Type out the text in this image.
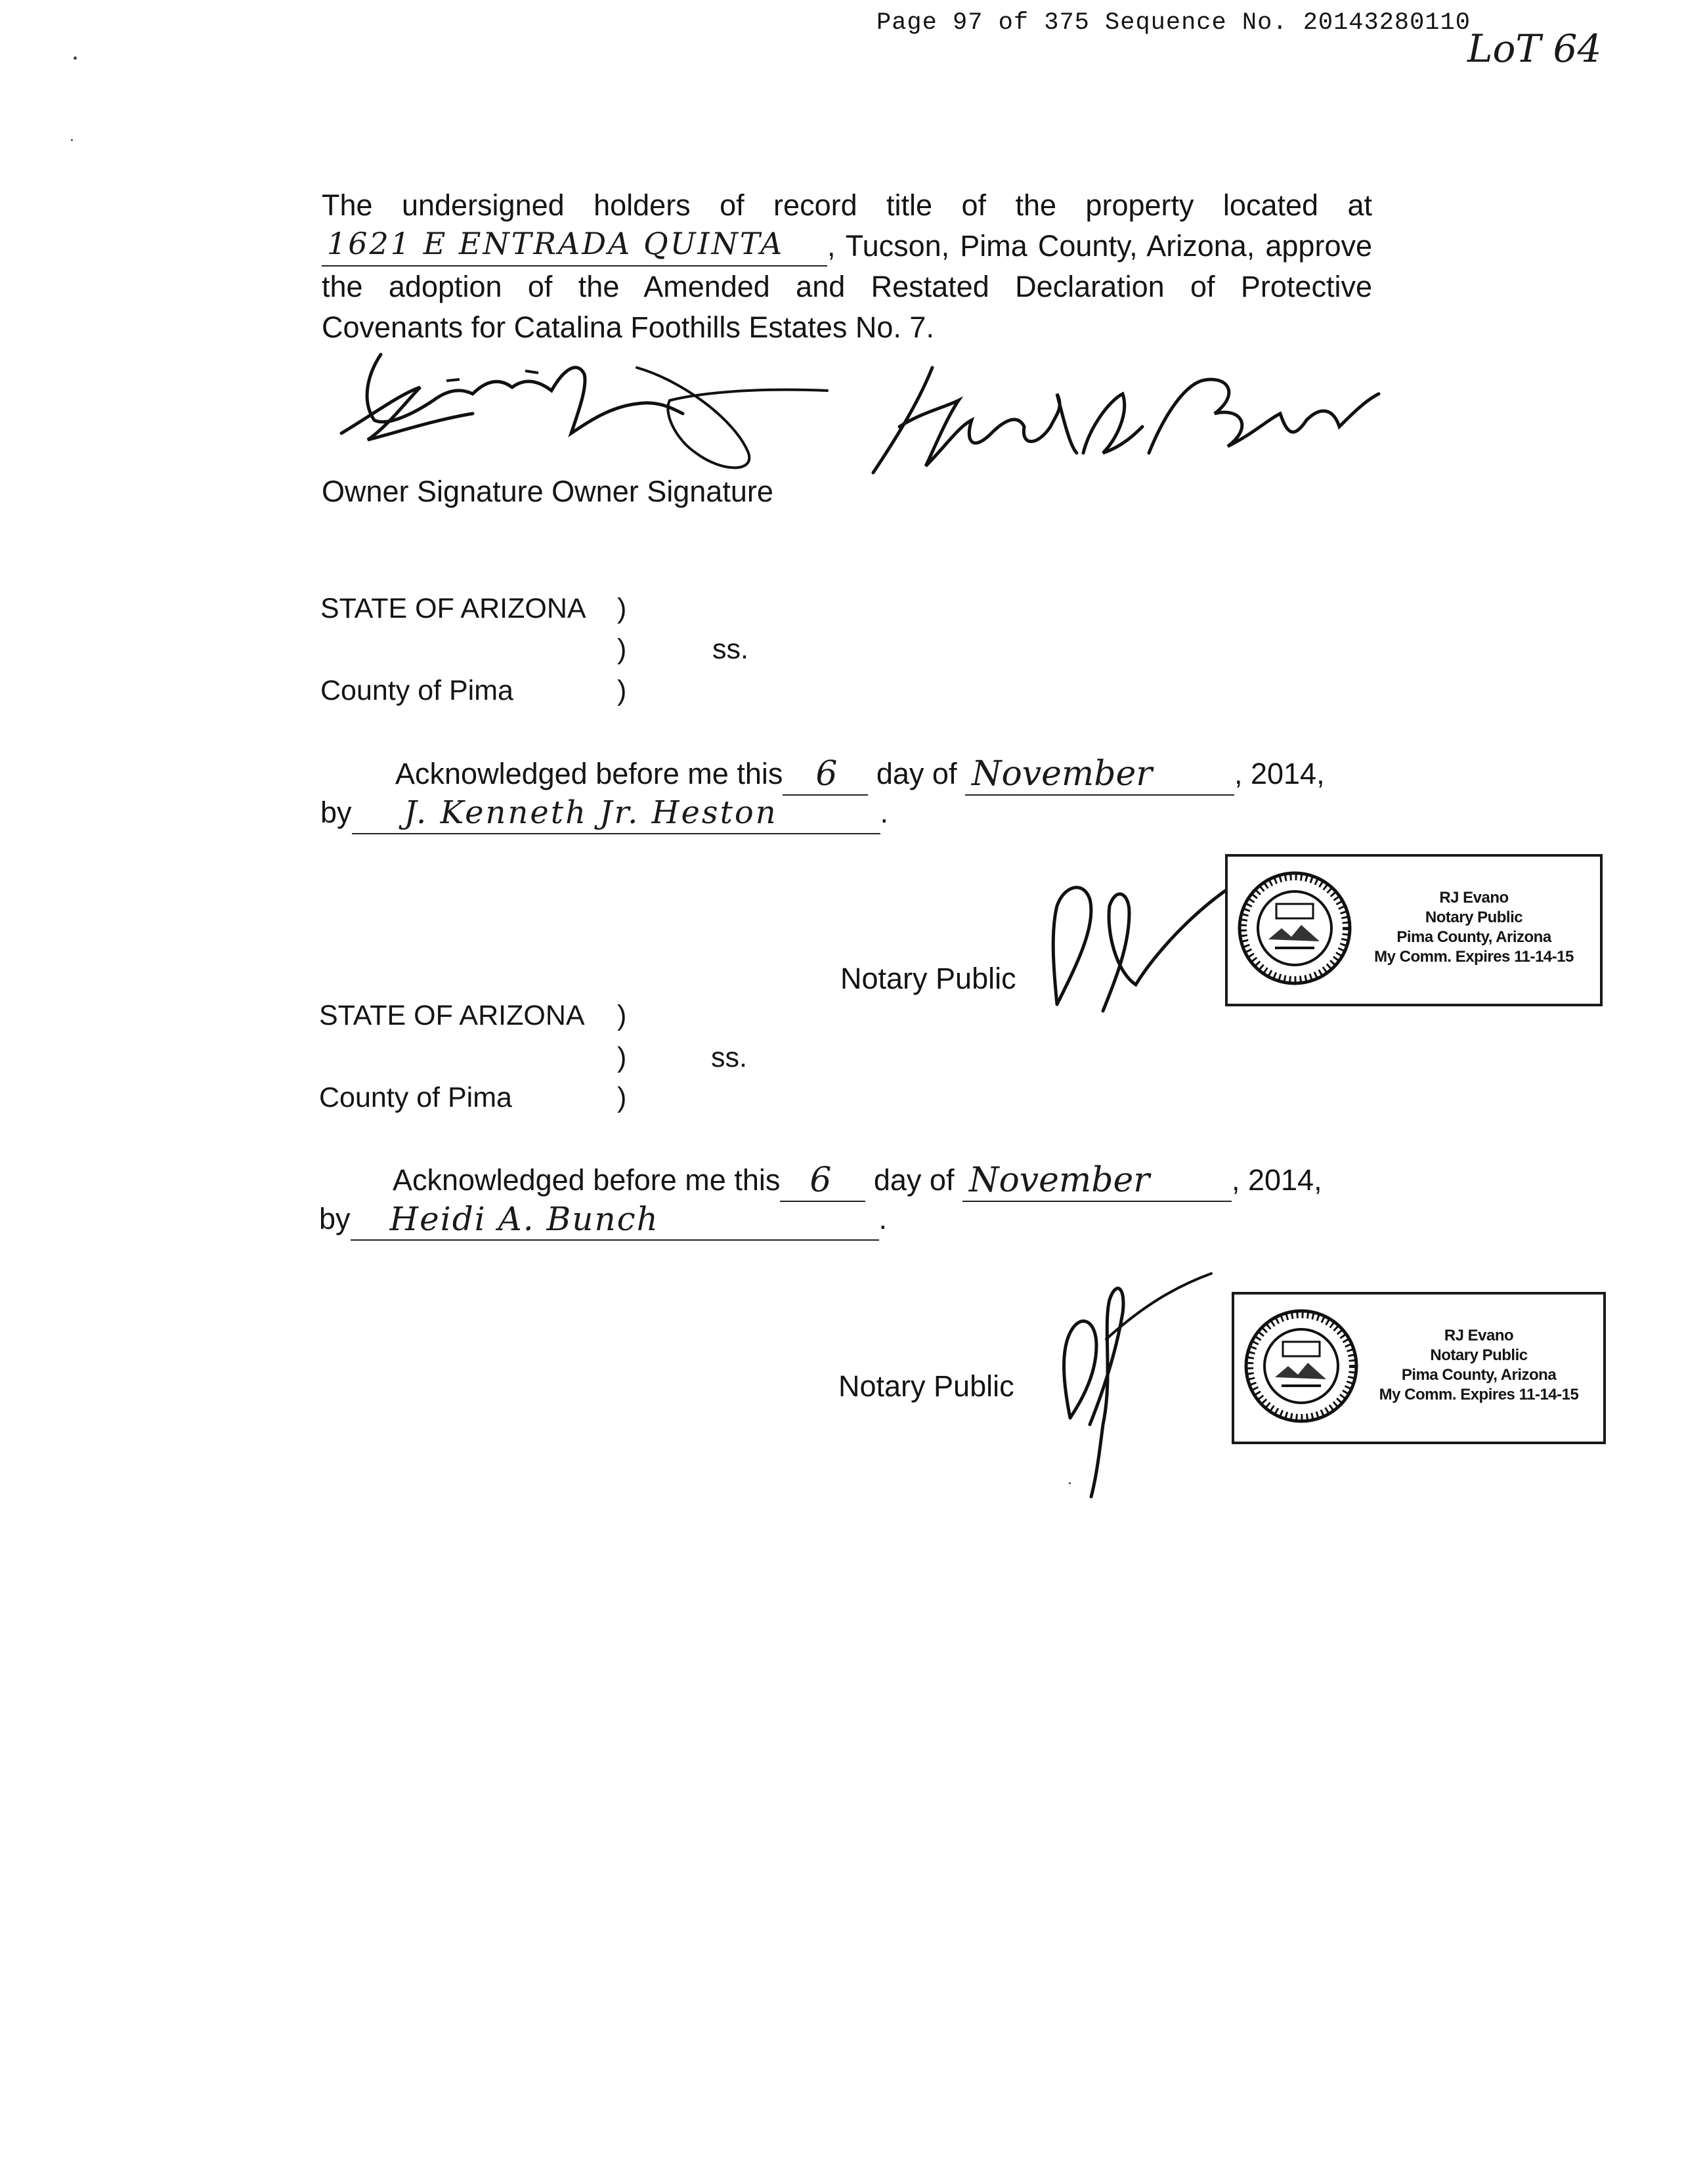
Page 97 of 375 Sequence No. 20143280110
LoT 64
The undersigned holders of record title of the property located at
1621 E ENTRADA QUINTA , Tucson, Pima County, Arizona, approve
the adoption of the Amended and Restated Declaration of Protective
Covenants for Catalina Foothills Estates No. 7.
Owner Signature Owner Signature
STATE OF ARIZONA )
)	ss.
County of Pima	)
Acknowledged before me this 6 day of November	, 2014,
by J. Kenneth Jr. Heston	.
Notary Public
RJ Evano
Notary Public
Pima County, Arizona
My Comm. Expires 11-14-15
STATE OF ARIZONA )
)	ss.
County of Pima	)
Acknowledged before me this 6 day of November	, 2014,
by Heidi A. Bunch	.
Notary Public
RJ Evano
Notary Public
Pima County, Arizona
My Comm. Expires 11-14-15
